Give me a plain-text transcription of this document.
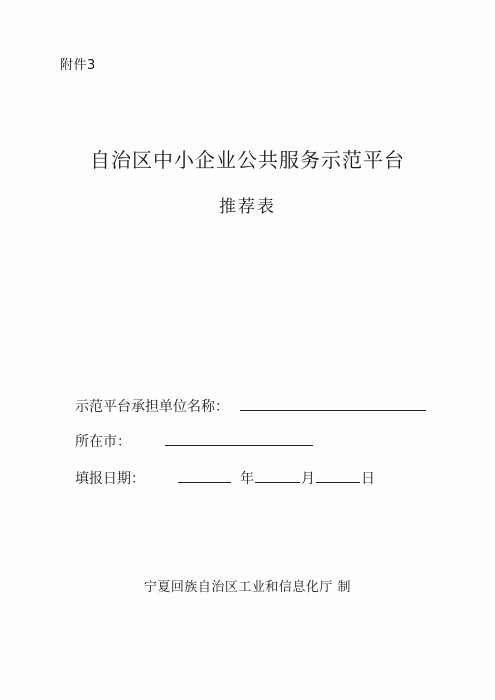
附件3
自治区中小企业公共服务示范平台
推荐表
示范平台承担单位名称：
所在市：
填报日期：	年	月	日
宁夏回族自治区工业和信息化厅 制
